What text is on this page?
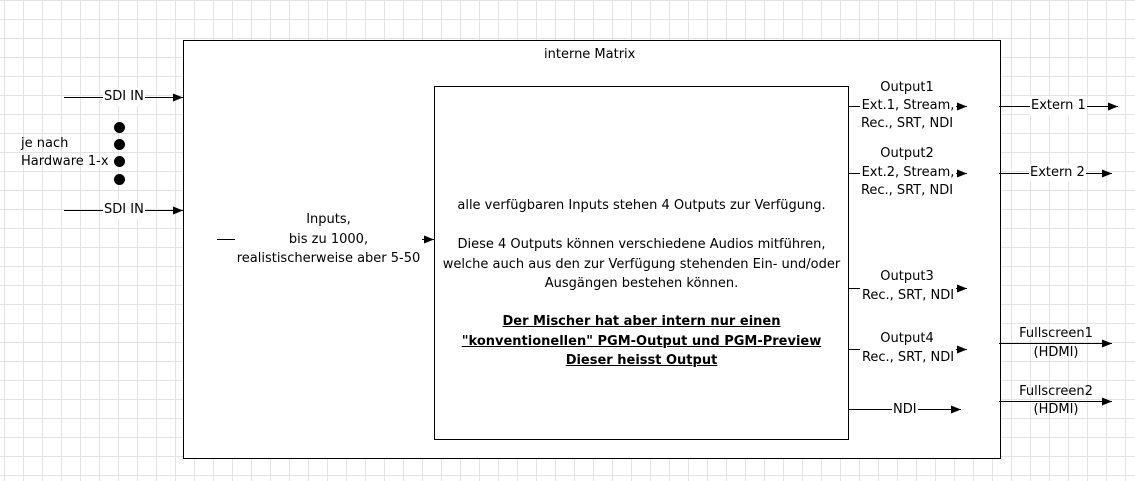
alle verfügbaren Inputs stehen 4 Outputs zur Verfügung.
Diese 4 Outputs können verschiedene Audios mitführen,
welche auch aus den zur Verfügung stehenden Ein- und/oder
Ausgängen bestehen können.
Der Mischer hat aber intern nur einen
"konventionellen" PGM-Output und PGM-Preview
Dieser heisst Output
interne Matrix
SDI IN
SDI IN
je nach
Hardware 1-x
Inputs,
bis zu 1000,
realistischerweise aber 5-50
Output1
Ext.1, Stream,
Rec., SRT, NDI
Output2
Ext.2, Stream,
Rec., SRT, NDI
Output3
Rec., SRT, NDI
Output4
Rec., SRT, NDI
NDI
Extern 1
Extern 2
Fullscreen1
(HDMI)
Fullscreen2
(HDMI)
